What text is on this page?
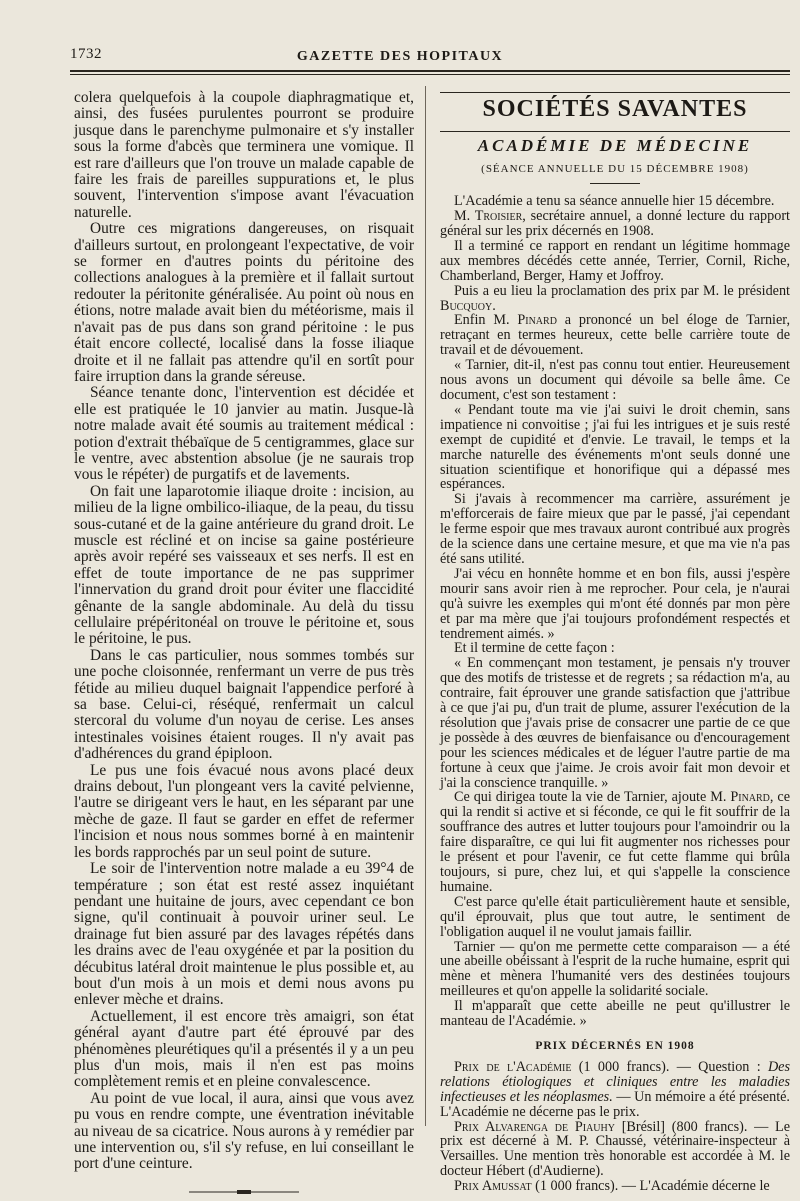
1732	GAZETTE DES HOPITAUX

colera quelquefois à la coupole diaphragmatique et, ainsi, des fusées purulentes pourront se produire jusque dans le parenchyme pulmonaire et s'y installer sous la forme d'abcès que terminera une vomique. Il est rare d'ailleurs que l'on trouve un malade capable de faire les frais de pareilles suppurations et, le plus souvent, l'intervention s'impose avant l'évacuation naturelle.

Outre ces migrations dangereuses, on risquait d'ailleurs surtout, en prolongeant l'expectative, de voir se former en d'autres points du péritoine des collections analogues à la première et il fallait surtout redouter la péritonite généralisée. Au point où nous en étions, notre malade avait bien du météorisme, mais il n'avait pas de pus dans son grand péritoine : le pus était encore collecté, localisé dans la fosse iliaque droite et il ne fallait pas attendre qu'il en sortît pour faire irruption dans la grande séreuse.

Séance tenante donc, l'intervention est décidée et elle est pratiquée le 10 janvier au matin. Jusque-là notre malade avait été soumis au traitement médical : potion d'extrait thébaïque de 5 centigrammes, glace sur le ventre, avec abstention absolue (je ne saurais trop vous le répéter) de purgatifs et de lavements.

On fait une laparotomie iliaque droite : incision, au milieu de la ligne ombilico-iliaque, de la peau, du tissu sous-cutané et de la gaine antérieure du grand droit. Le muscle est récliné et on incise sa gaine postérieure après avoir repéré ses vaisseaux et ses nerfs. Il est en effet de toute importance de ne pas supprimer l'innervation du grand droit pour éviter une flaccidité gênante de la sangle abdominale. Au delà du tissu cellulaire prépéritonéal on trouve le péritoine et, sous le péritoine, le pus.

Dans le cas particulier, nous sommes tombés sur une poche cloisonnée, renfermant un verre de pus très fétide au milieu duquel baignait l'appendice perforé à sa base. Celui-ci, réséqué, renfermait un calcul stercoral du volume d'un noyau de cerise. Les anses intestinales voisines étaient rouges. Il n'y avait pas d'adhérences du grand épiploon.

Le pus une fois évacué nous avons placé deux drains debout, l'un plongeant vers la cavité pelvienne, l'autre se dirigeant vers le haut, en les séparant par une mèche de gaze. Il faut se garder en effet de refermer l'incision et nous nous sommes borné à en maintenir les bords rapprochés par un seul point de suture.

Le soir de l'intervention notre malade a eu 39°4 de température ; son état est resté assez inquiétant pendant une huitaine de jours, avec cependant ce bon signe, qu'il continuait à pouvoir uriner seul. Le drainage fut bien assuré par des lavages répétés dans les drains avec de l'eau oxygénée et par la position du décubitus latéral droit maintenue le plus possible et, au bout d'un mois à un mois et demi nous avons pu enlever mèche et drains.

Actuellement, il est encore très amaigri, son état général ayant d'autre part été éprouvé par des phénomènes pleurétiques qu'il a présentés il y a un peu plus d'un mois, mais il n'en est pas moins complètement remis et en pleine convalescence.

Au point de vue local, il aura, ainsi que vous avez pu vous en rendre compte, une éventration inévitable au niveau de sa cicatrice. Nous aurons à y remédier par une intervention ou, s'il s'y refuse, en lui conseillant le port d'une ceinture.

SOCIÉTÉS SAVANTES
ACADÉMIE DE MÉDECINE
(SÉANCE ANNUELLE DU 15 DÉCEMBRE 1908)

L'Académie a tenu sa séance annuelle hier 15 décembre.

M. Troisier, secrétaire annuel, a donné lecture du rapport général sur les prix décernés en 1908.

Il a terminé ce rapport en rendant un légitime hommage aux membres décédés cette année, Terrier, Cornil, Riche, Chamberland, Berger, Hamy et Joffroy.

Puis a eu lieu la proclamation des prix par M. le président Bucquoy.

Enfin M. Pinard a prononcé un bel éloge de Tarnier, retraçant en termes heureux, cette belle carrière toute de travail et de dévouement.

« Tarnier, dit-il, n'est pas connu tout entier. Heureusement nous avons un document qui dévoile sa belle âme. Ce document, c'est son testament :

« Pendant toute ma vie j'ai suivi le droit chemin, sans impatience ni convoitise ; j'ai fui les intrigues et je suis resté exempt de cupidité et d'envie. Le travail, le temps et la marche naturelle des événements m'ont seuls donné une situation scientifique et honorifique qui a dépassé mes espérances.

Si j'avais à recommencer ma carrière, assurément je m'efforcerais de faire mieux que par le passé, j'ai cependant le ferme espoir que mes travaux auront contribué aux progrès de la science dans une certaine mesure, et que ma vie n'a pas été sans utilité.

J'ai vécu en honnête homme et en bon fils, aussi j'espère mourir sans avoir rien à me reprocher. Pour cela, je n'aurai qu'à suivre les exemples qui m'ont été donnés par mon père et par ma mère que j'ai toujours profondément respectés et tendrement aimés. »

Et il termine de cette façon :

« En commençant mon testament, je pensais n'y trouver que des motifs de tristesse et de regrets ; sa rédaction m'a, au contraire, fait éprouver une grande satisfaction que j'attribue à ce que j'ai pu, d'un trait de plume, assurer l'exécution de la résolution que j'avais prise de consacrer une partie de ce que je possède à des œuvres de bienfaisance ou d'encouragement pour les sciences médicales et de léguer l'autre partie de ma fortune à ceux que j'aime. Je crois avoir fait mon devoir et j'ai la conscience tranquille. »

Ce qui dirigea toute la vie de Tarnier, ajoute M. Pinard, ce qui la rendit si active et si féconde, ce qui le fit souffrir de la souffrance des autres et lutter toujours pour l'amoindrir ou la faire disparaître, ce qui lui fit augmenter nos richesses pour le présent et pour l'avenir, ce fut cette flamme qui brûla toujours, si pure, chez lui, et qui s'appelle la conscience humaine.

C'est parce qu'elle était particulièrement haute et sensible, qu'il éprouvait, plus que tout autre, le sentiment de l'obligation auquel il ne voulut jamais faillir.

Tarnier — qu'on me permette cette comparaison — a été une abeille obéissant à l'esprit de la ruche humaine, esprit qui mène et mènera l'humanité vers des destinées toujours meilleures et qu'on appelle la solidarité sociale.

Il m'apparaît que cette abeille ne peut qu'illustrer le manteau de l'Académie. »

PRIX DÉCERNÉS EN 1908

Prix de l'Académie (1 000 francs). — Question : Des relations étiologiques et cliniques entre les maladies infectieuses et les néoplasmes. — Un mémoire a été présenté. L'Académie ne décerne pas le prix.

Prix Alvarenga de Piauhy [Brésil] (800 francs). — Le prix est décerné à M. P. Chaussé, vétérinaire-inspecteur à Versailles. Une mention très honorable est accordée à M. le docteur Hébert (d'Audierne).

Prix Amussat (1 000 francs). — L'Académie décerne le
